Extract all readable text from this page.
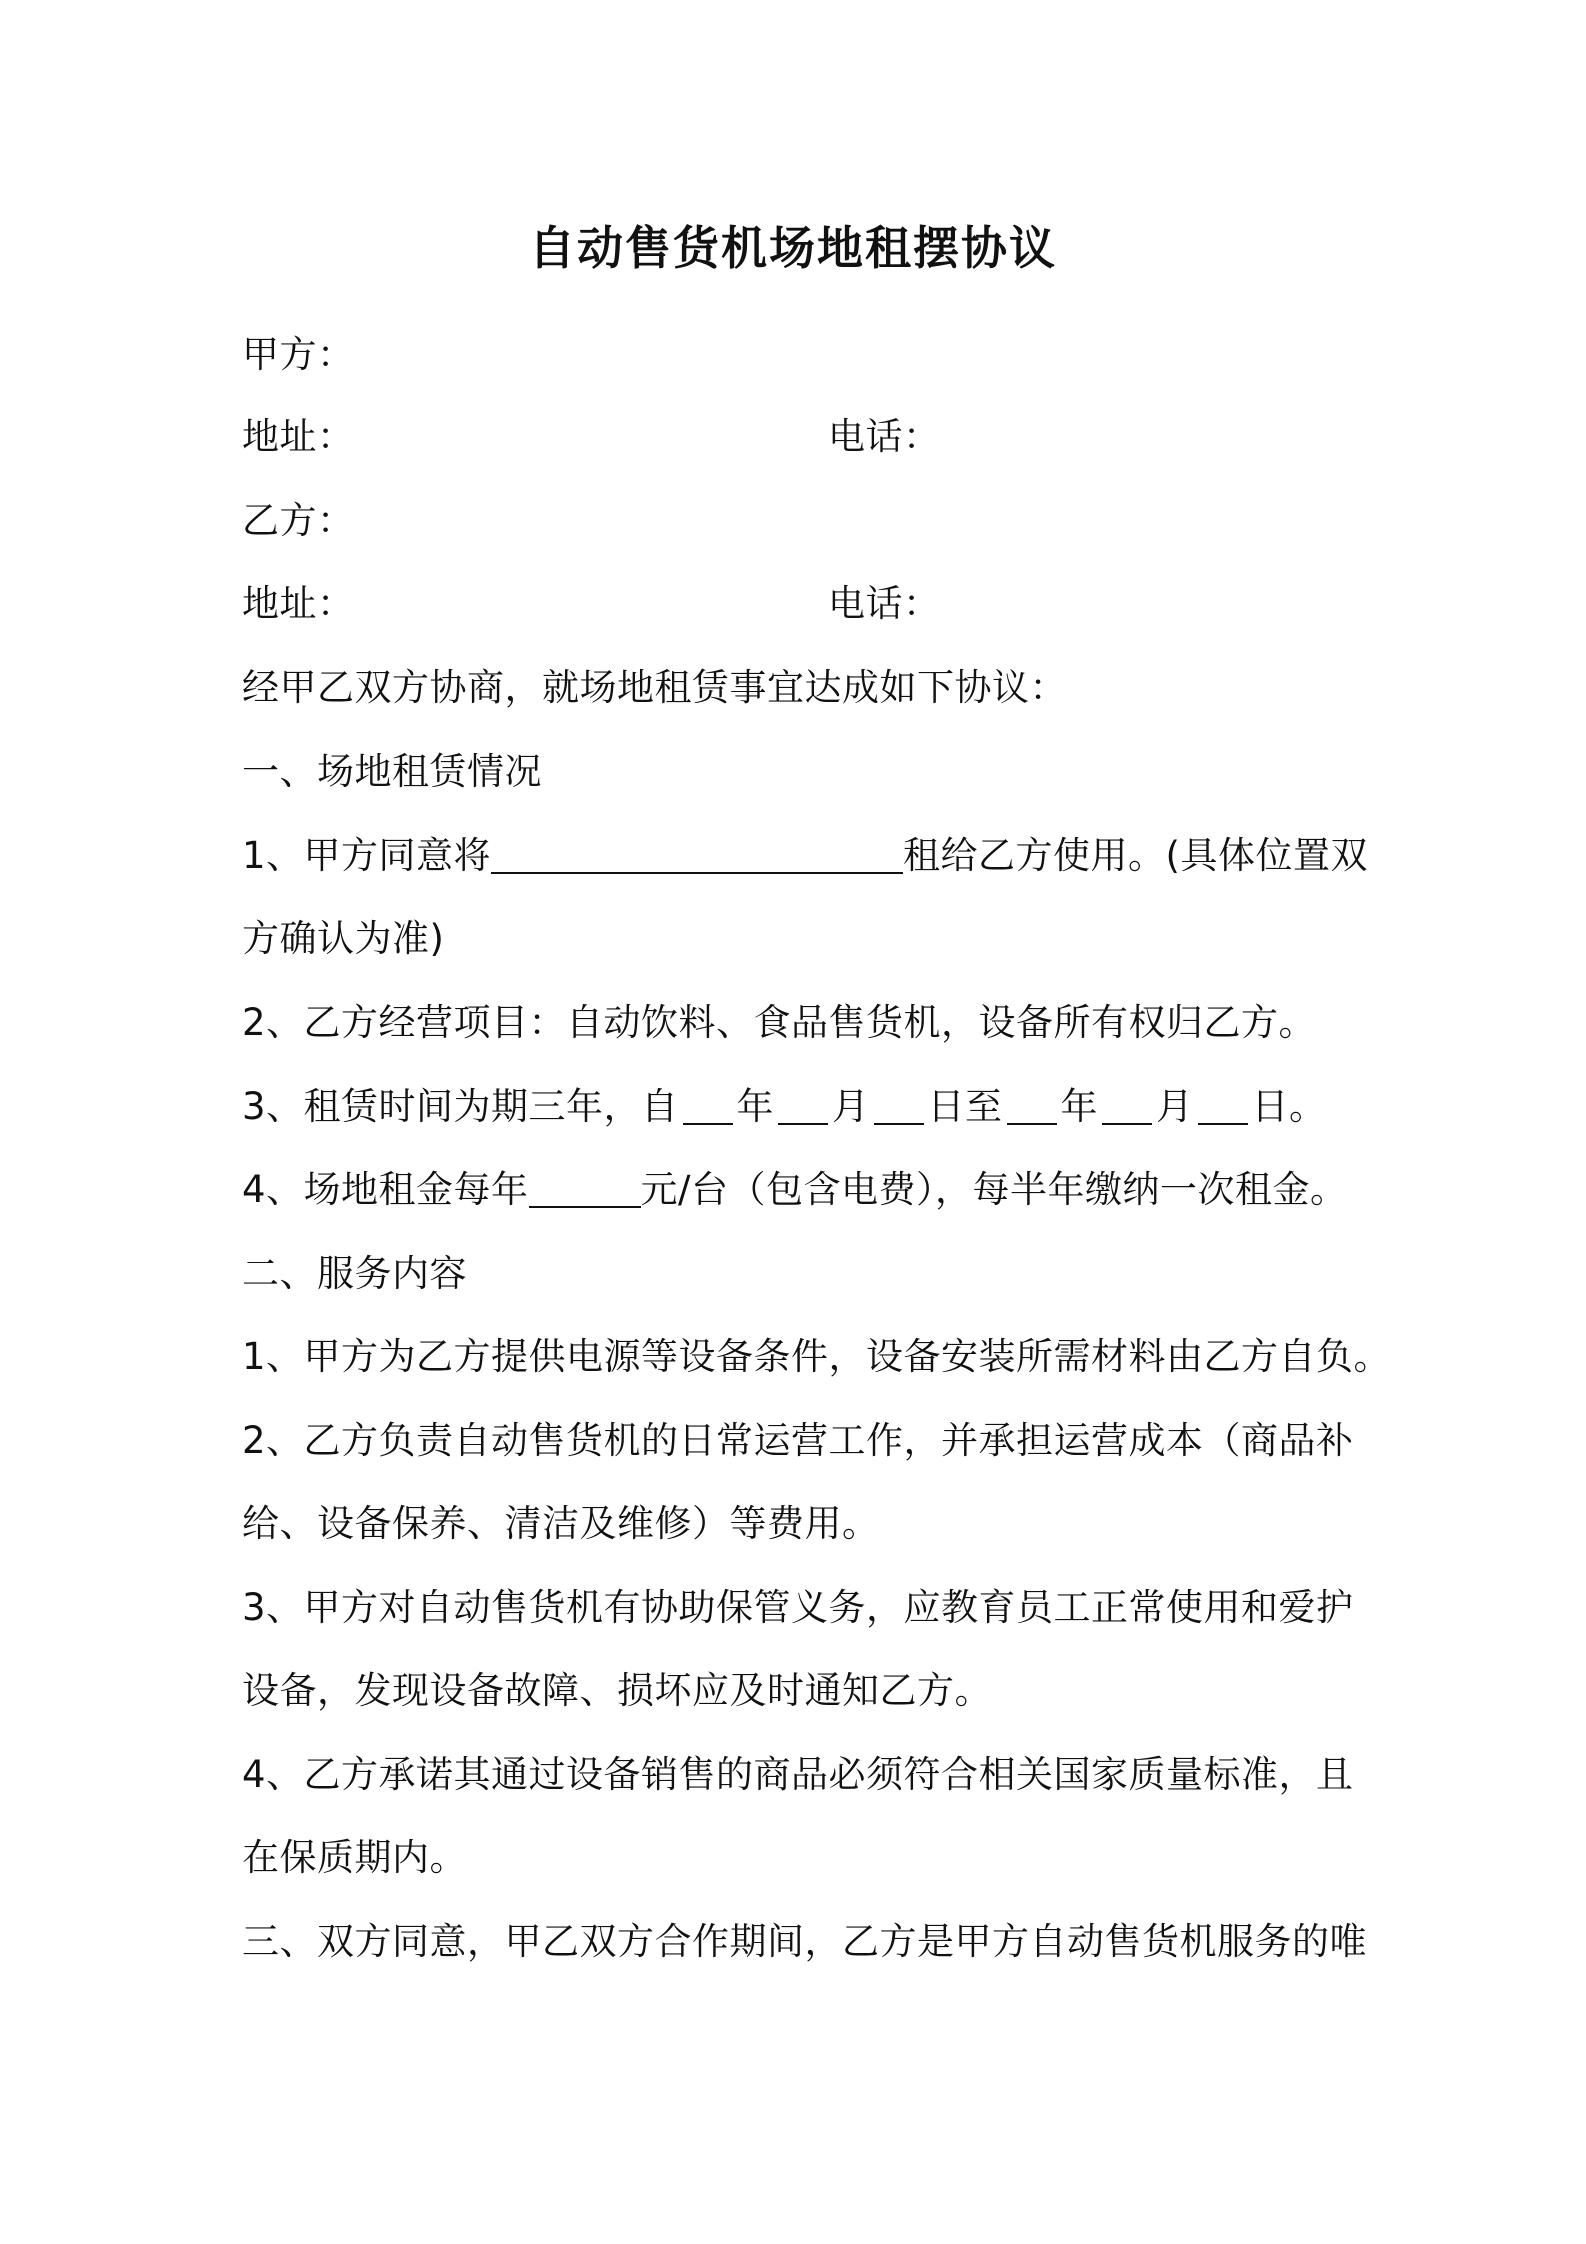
自动售货机场地租摆协议
甲方：
地址：	电话：
乙方：
地址：	电话：
经甲乙双方协商，就场地租赁事宜达成如下协议：
一、场地租赁情况
1、甲方同意将	租给乙方使用。(具体位置双
方确认为准)
2、乙方经营项目：自动饮料、食品售货机，设备所有权归乙方。
3、租赁时间为期三年，自 年 月 日至 年 月 日。
4、场地租金每年	元/台（包含电费），每半年缴纳一次租金。
二、服务内容
1、甲方为乙方提供电源等设备条件，设备安装所需材料由乙方自负。
2、乙方负责自动售货机的日常运营工作，并承担运营成本（商品补
给、设备保养、清洁及维修）等费用。
3、甲方对自动售货机有协助保管义务，应教育员工正常使用和爱护
设备，发现设备故障、损坏应及时通知乙方。
4、乙方承诺其通过设备销售的商品必须符合相关国家质量标准，且
在保质期内。
三、双方同意，甲乙双方合作期间，乙方是甲方自动售货机服务的唯
